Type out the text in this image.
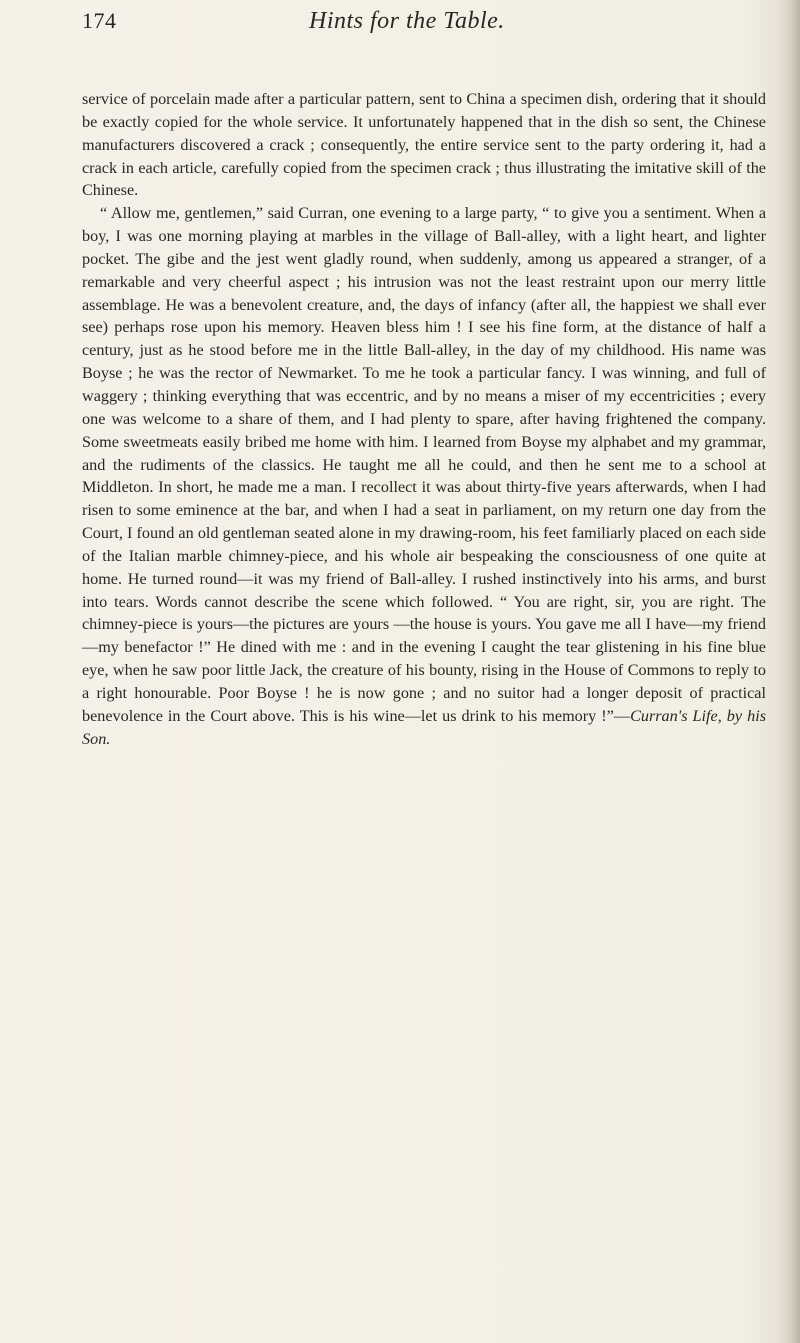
174	Hints for the Table.

service of porcelain made after a particular pattern, sent to China a specimen dish, ordering that it should be exactly copied for the whole service. It unfortunately happened that in the dish so sent, the Chinese manufacturers discovered a crack ; consequently, the entire service sent to the party ordering it, had a crack in each article, carefully copied from the specimen crack ; thus illustrating the imitative skill of the Chinese.

“ Allow me, gentlemen,” said Curran, one evening to a large party, “ to give you a sentiment. When a boy, I was one morning playing at marbles in the village of Ball-alley, with a light heart, and lighter pocket. The gibe and the jest went gladly round, when suddenly, among us appeared a stranger, of a remarkable and very cheerful aspect ; his intrusion was not the least restraint upon our merry little assemblage. He was a benevolent creature, and, the days of infancy (after all, the happiest we shall ever see) perhaps rose upon his memory. Heaven bless him ! I see his fine form, at the distance of half a century, just as he stood before me in the little Ball-alley, in the day of my childhood. His name was Boyse ; he was the rector of Newmarket. To me he took a particular fancy. I was winning, and full of waggery ; thinking everything that was eccentric, and by no means a miser of my eccentricities ; every one was welcome to a share of them, and I had plenty to spare, after having frightened the company. Some sweetmeats easily bribed me home with him. I learned from Boyse my alphabet and my grammar, and the rudiments of the classics. He taught me all he could, and then he sent me to a school at Middleton. In short, he made me a man. I recollect it was about thirty-five years afterwards, when I had risen to some eminence at the bar, and when I had a seat in parliament, on my return one day from the Court, I found an old gentleman seated alone in my drawing-room, his feet familiarly placed on each side of the Italian marble chimney-piece, and his whole air bespeaking the consciousness of one quite at home. He turned round—it was my friend of Ball-alley. I rushed instinctively into his arms, and burst into tears. Words cannot describe the scene which followed. “ You are right, sir, you are right. The chimney-piece is yours—the pictures are yours —the house is yours. You gave me all I have—my friend—my benefactor !” He dined with me : and in the evening I caught the tear glistening in his fine blue eye, when he saw poor little Jack, the creature of his bounty, rising in the House of Commons to reply to a right honourable. Poor Boyse ! he is now gone ; and no suitor had a longer deposit of practical benevolence in the Court above. This is his wine—let us drink to his memory !”—Curran's Life, by his Son.
